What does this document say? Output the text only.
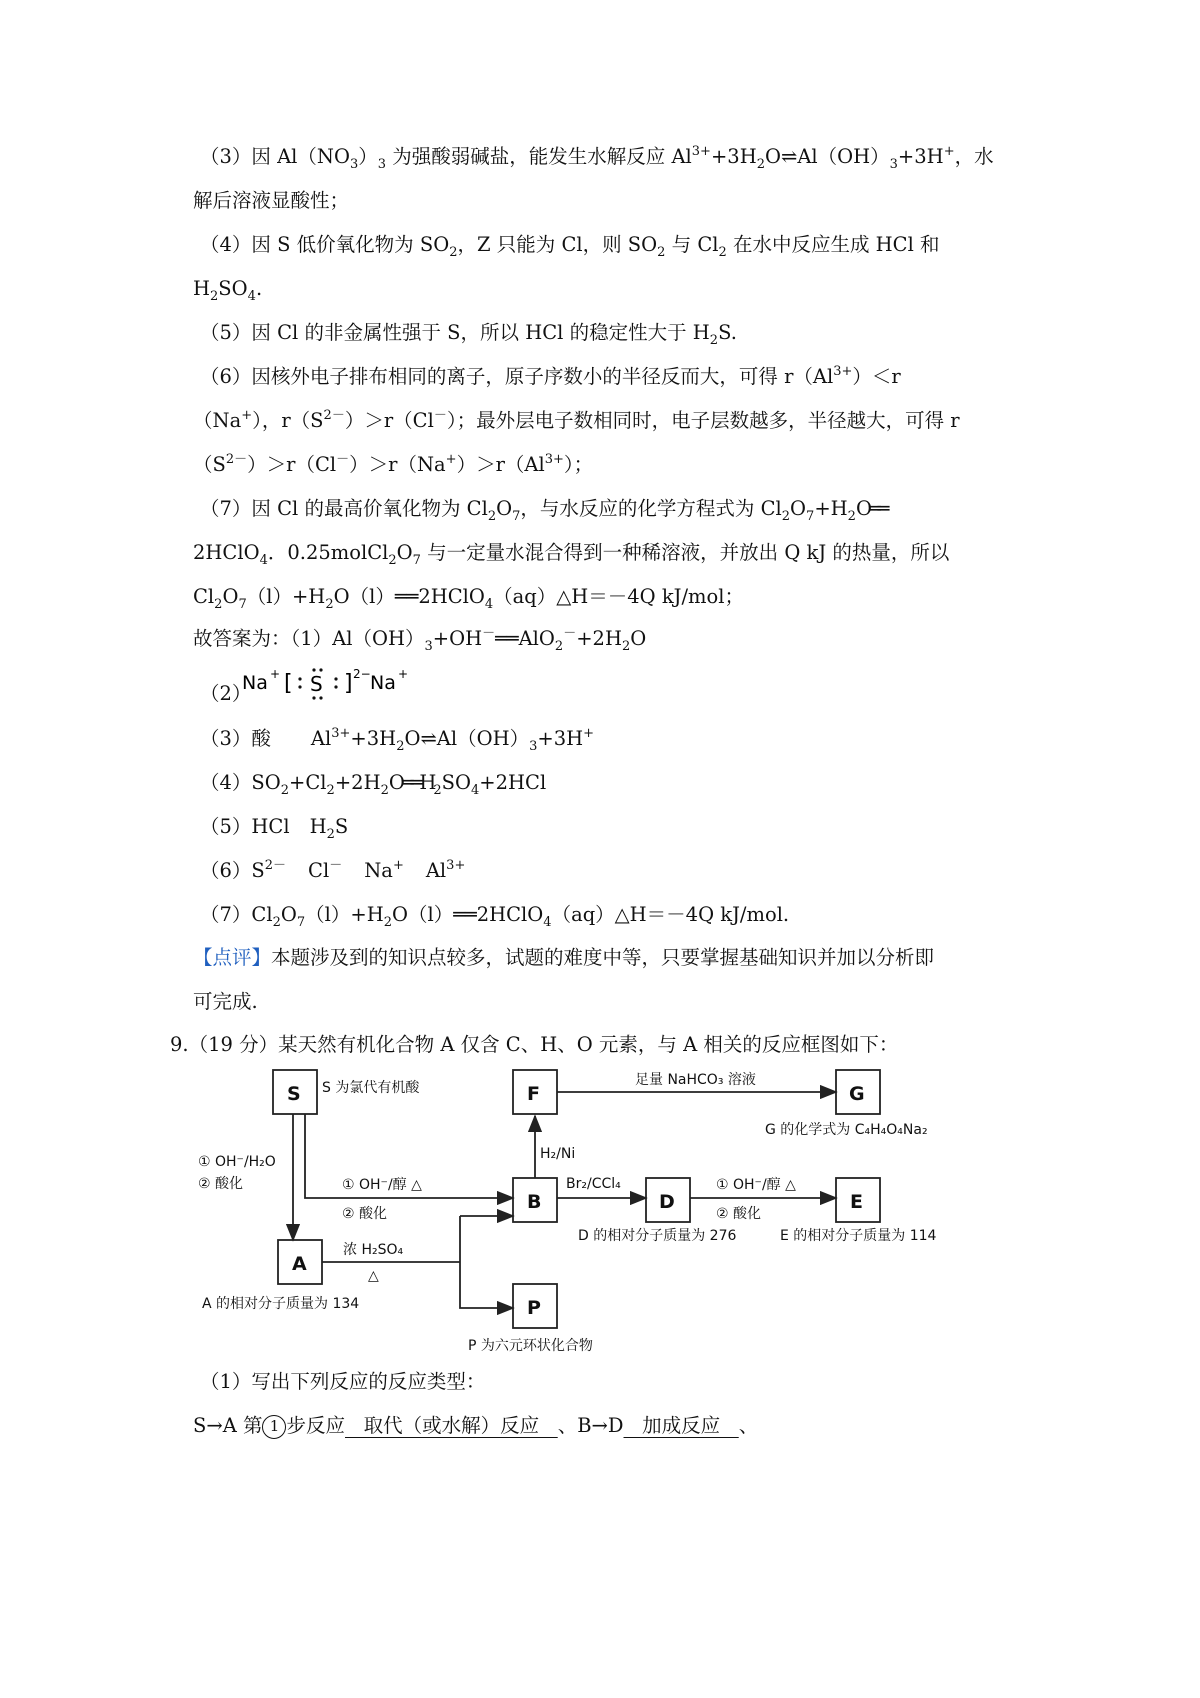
（3）因 $Al(NO_3)_3$ 为强酸弱碱盐，能发生水解反应 $Al^{3+}+3H_2O\rightleftharpoons Al(OH)_3+3H^+$，水
解后溶液显酸性；
（4）因 S 低价氧化物为 $SO_2$，Z 只能为 Cl，则 $SO_2$ 与 $Cl_2$ 在水中反应生成 HCl 和
$H_2SO_4$.
（5）因 Cl 的非金属性强于 S，所以 HCl 的稳定性大于 $H_2S$.
（6）因核外电子排布相同的离子，原子序数小的半径反而大，可得 $r(Al^{3+})<r$
（Na+），$r(S^{2-})>r(Cl^-)$；最外层电子数相同时，电子层数越多，半径越大，可得 r
$(S^{2-})>r(Cl^-)>r(Na^+)>r(Al^{3+})$；
（7）因 Cl 的最高价氧化物为 $Cl_2O_7$，与水反应的化学方程式为 $Cl_2O_7+H_2O══$
2HClO$_4$．$0.25molCl_2O_7$ 与一定量水混合得到一种稀溶液，并放出 Q kJ 的热量，所以
$Cl_2O_7(l)+H_2O(l)══2HClO_4(aq)\triangle H=-4Q$ kJ/mol；
故答案为：$(1)Al(OH)_3+OH^-══AlO_2^-+2H_2O$
（2）
Na + [ S ] 2− Na +
（3）酸 $Al^{3+}+3H_2O\rightleftharpoons Al(OH)_3+3H^+$
$(4)SO_2+Cl_2+2H_2O══H_2SO_4+2HCl$
（5）HCl $H_2S$
$(6)S^{2-}$ Cl－ Na+ $Al^{3+}$
$(7)Cl_2O_7(l)+H_2O(l)══2HClO_4(aq)\triangle H=-4Q$ kJ/mol.
【点评】本题涉及到的知识点较多，试题的难度中等，只要掌握基础知识并加以分析即
可完成.
9.（19 分）某天然有机化合物 A 仅含 C、H、O 元素，与 A 相关的反应框图如下：
S	F	G
B	D	E
A
P
S 为氯代有机酸	足量 NaHCO₃ 溶液
G 的化学式为 C₄H₄O₄Na₂
H₂/Ni
① OH⁻/H₂O
② 酸化	① OH⁻/醇 △
② 酸化
Br₂/CCl₄	① OH⁻/醇 △
② 酸化
D 的相对分子质量为 276	E 的相对分子质量为 114
浓 H₂SO₄
△
A 的相对分子质量为 134
P 为六元环状化合物
（1）写出下列反应的反应类型：
S→A 第 1 步反应   取代（或水解）反应   、B→D   加成反应   、
